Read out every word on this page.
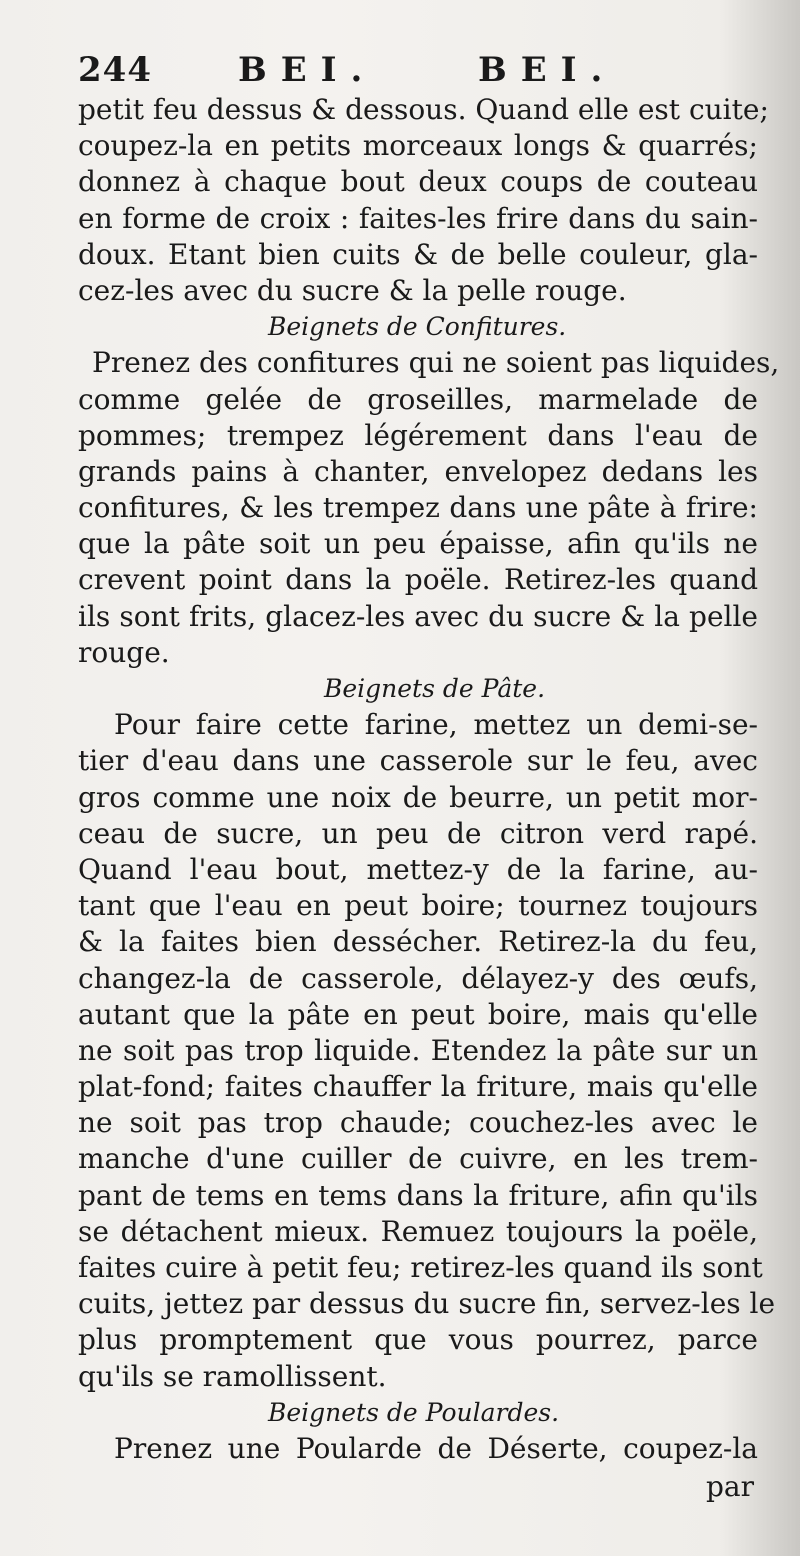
244	BEI.	BEI.
petit feu dessus & dessous. Quand elle est cuite;
coupez-la en petits morceaux longs & quarrés;
donnez à chaque bout deux coups de couteau
en forme de croix : faites-les frire dans du sain-
doux. Etant bien cuits & de belle couleur, gla-
cez-les avec du sucre & la pelle rouge.
Beignets de Confitures.
Prenez des confitures qui ne soient pas liquides,
comme gelée de groseilles, marmelade de
pommes; trempez légérement dans l'eau de
grands pains à chanter, envelopez dedans les
confitures, & les trempez dans une pâte à frire:
que la pâte soit un peu épaisse, afin qu'ils ne
crevent point dans la poële. Retirez-les quand
ils sont frits, glacez-les avec du sucre & la pelle
rouge.
Beignets de Pâte.
Pour faire cette farine, mettez un demi-se-
tier d'eau dans une casserole sur le feu, avec
gros comme une noix de beurre, un petit mor-
ceau de sucre, un peu de citron verd rapé.
Quand l'eau bout, mettez-y de la farine, au-
tant que l'eau en peut boire; tournez toujours
& la faites bien dessécher. Retirez-la du feu,
changez-la de casserole, délayez-y des œufs,
autant que la pâte en peut boire, mais qu'elle
ne soit pas trop liquide. Etendez la pâte sur un
plat-fond; faites chauffer la friture, mais qu'elle
ne soit pas trop chaude; couchez-les avec le
manche d'une cuiller de cuivre, en les trem-
pant de tems en tems dans la friture, afin qu'ils
se détachent mieux. Remuez toujours la poële,
faites cuire à petit feu; retirez-les quand ils sont
cuits, jettez par dessus du sucre fin, servez-les le
plus promptement que vous pourrez, parce
qu'ils se ramollissent.
Beignets de Poulardes.
Prenez une Poularde de Déserte, coupez-la
par
